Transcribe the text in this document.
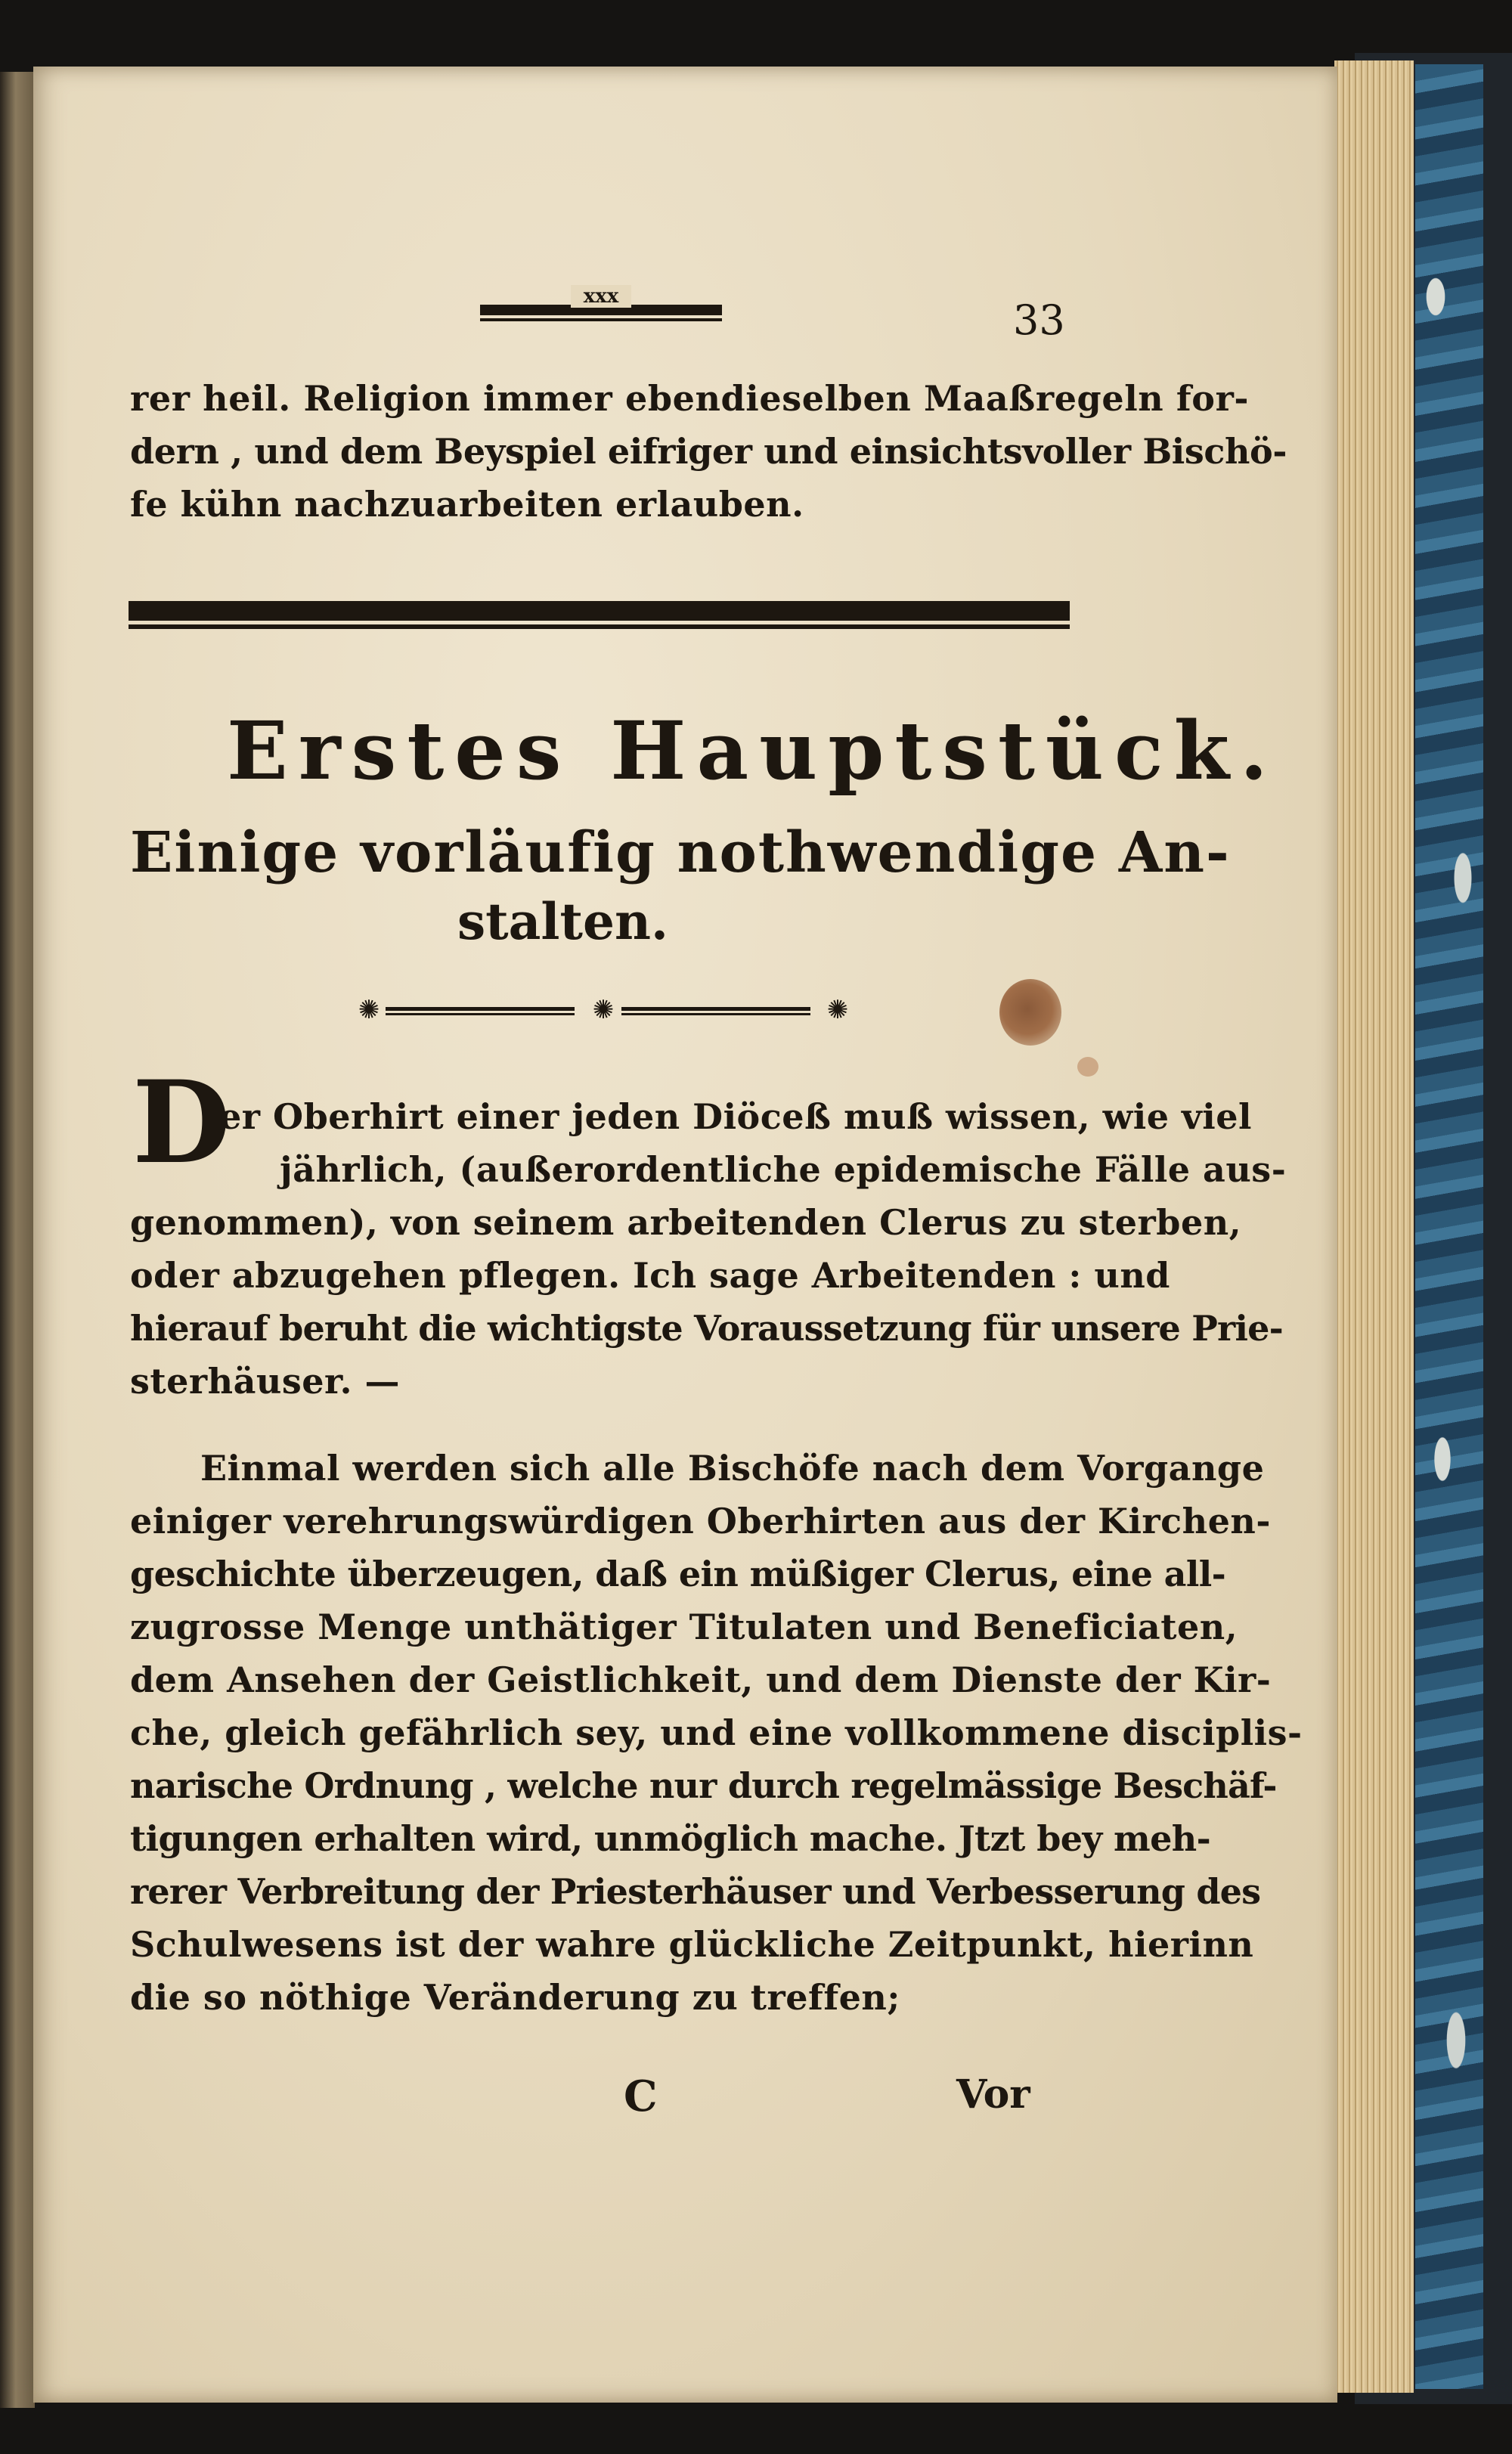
xxx	33
rer heil. Religion immer ebendieselben Maaßregeln for-
dern , und dem Beyspiel eifriger und einsichtsvoller Bischö-
fe kühn nachzuarbeiten erlauben.
Erstes Hauptstück.
Einige vorläufig nothwendige An-
stalten.
✺	✺	✺
D
er Oberhirt einer jeden Diöceß muß wissen, wie viel
jährlich, (außerordentliche epidemische Fälle aus-
genommen), von seinem arbeitenden Clerus zu sterben,
oder abzugehen pflegen. Ich sage Arbeitenden : und
hierauf beruht die wichtigste Voraussetzung für unsere Prie-
sterhäuser. —
Einmal werden sich alle Bischöfe nach dem Vorgange
einiger verehrungswürdigen Oberhirten aus der Kirchen-
geschichte überzeugen, daß ein müßiger Clerus, eine all-
zugrosse Menge unthätiger Titulaten und Beneficiaten,
dem Ansehen der Geistlichkeit, und dem Dienste der Kir-
che, gleich gefährlich sey, und eine vollkommene disciplis-
narische Ordnung , welche nur durch regelmässige Beschäf-
tigungen erhalten wird, unmöglich mache. Jtzt bey meh-
rerer Verbreitung der Priesterhäuser und Verbesserung des
Schulwesens ist der wahre glückliche Zeitpunkt, hierinn
die so nöthige Veränderung zu treffen;
C	Vor
